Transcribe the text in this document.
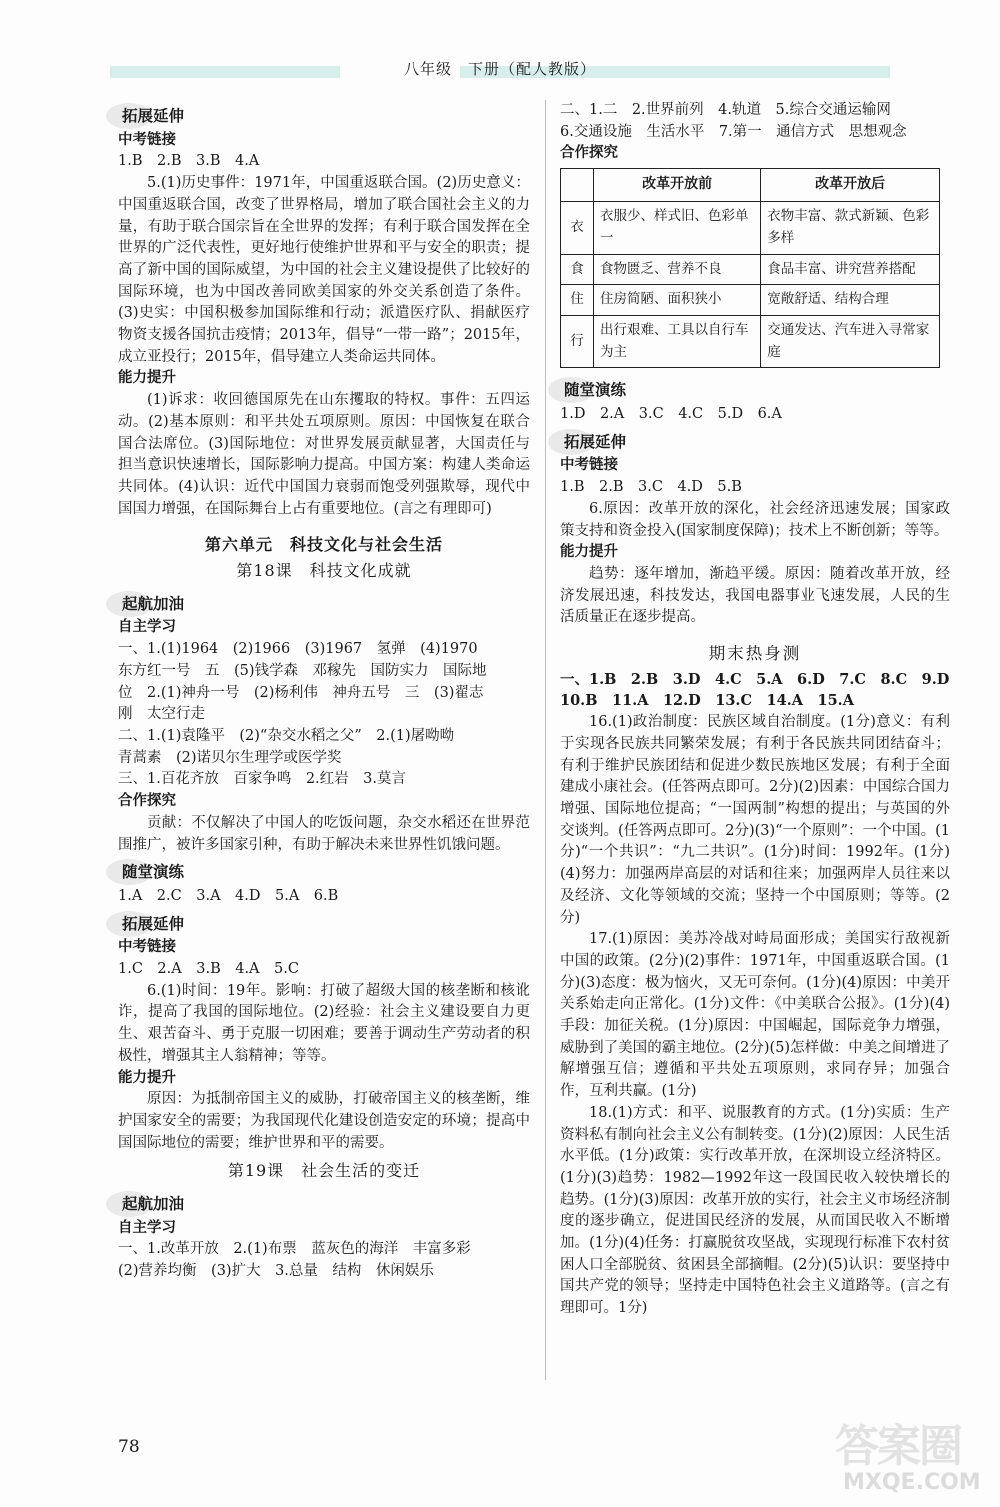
八年级　下册（配人教版）
拓展延伸

中考链接

1.B　2.B　3.B　4.A

5.(1)历史事件：1971年，中国重返联合国。(2)历史意义：中国重返联合国，改变了世界格局，增加了联合国社会主义的力量，有助于联合国宗旨在全世界的发挥；有利于联合国发挥在全世界的广泛代表性，更好地行使维护世界和平与安全的职责；提高了新中国的国际威望，为中国的社会主义建设提供了比较好的国际环境，也为中国改善同欧美国家的外交关系创造了条件。(3)史实：中国积极参加国际维和行动；派遣医疗队、捐献医疗物资支援各国抗击疫情；2013年，倡导“一带一路”；2015年，成立亚投行；2015年，倡导建立人类命运共同体。

能力提升

(1)诉求：收回德国原先在山东攫取的特权。事件：五四运动。(2)基本原则：和平共处五项原则。原因：中国恢复在联合国合法席位。(3)国际地位：对世界发展贡献显著，大国责任与担当意识快速增长，国际影响力提高。中国方案：构建人类命运共同体。(4)认识：近代中国国力衰弱而饱受列强欺辱，现代中国国力增强，在国际舞台上占有重要地位。(言之有理即可)

第六单元　科技文化与社会生活
第18课　科技文化成就
起航加油

自主学习

一、1.(1)1964　(2)1966　(3)1967　氢弹　(4)1970

东方红一号　五　(5)钱学森　邓稼先　国防实力　国际地

位　2.(1)神舟一号　(2)杨利伟　神舟五号　三　(3)翟志

刚　太空行走

二、1.(1)袁隆平　(2)“杂交水稻之父”　2.(1)屠呦呦

青蒿素　(2)诺贝尔生理学或医学奖

三、1.百花齐放　百家争鸣　2.红岩　3.莫言

合作探究

贡献：不仅解决了中国人的吃饭问题，杂交水稻还在世界范围推广，被许多国家引种，有助于解决未来世界性饥饿问题。

随堂演练

1.A　2.C　3.A　4.D　5.A　6.B

拓展延伸

中考链接

1.C　2.A　3.B　4.A　5.C

6.(1)时间：19年。影响：打破了超级大国的核垄断和核讹诈，提高了我国的国际地位。(2)经验：社会主义建设要自力更生、艰苦奋斗、勇于克服一切困难；要善于调动生产劳动者的积极性，增强其主人翁精神；等等。

能力提升

原因：为抵制帝国主义的威胁，打破帝国主义的核垄断，维护国家安全的需要；为我国现代化建设创造安定的环境；提高中国国际地位的需要；维护世界和平的需要。

第19课　社会生活的变迁
起航加油

自主学习

一、1.改革开放　2.(1)布票　蓝灰色的海洋　丰富多彩

(2)营养均衡　(3)扩大　3.总量　结构　休闲娱乐

二、1.二　2.世界前列　4.轨道　5.综合交通运输网

6.交通设施　生活水平　7.第一　通信方式　思想观念

合作探究

	改革开放前	改革开放后
衣	衣服少、样式旧、色彩单一	衣物丰富、款式新颖、色彩多样
食	食物匮乏、营养不良	食品丰富、讲究营养搭配
住	住房简陋、面积狭小	宽敞舒适、结构合理
行	出行艰难、工具以自行车为主	交通发达、汽车进入寻常家庭
随堂演练

1.D　2.A　3.C　4.C　5.D　6.A

拓展延伸

中考链接

1.B　2.B　3.C　4.D　5.B

6.原因：改革开放的深化，社会经济迅速发展；国家政策支持和资金投入(国家制度保障)；技术上不断创新；等等。

能力提升

趋势：逐年增加，渐趋平缓。原因：随着改革开放，经济发展迅速，科技发达，我国电器事业飞速发展，人民的生活质量正在逐步提高。

期末热身测

一、1.B　2.B　3.D　4.C　5.A　6.D　7.C　8.C　9.D

10.B　11.A　12.D　13.C　14.A　15.A

16.(1)政治制度：民族区域自治制度。(1分)意义：有利于实现各民族共同繁荣发展；有利于各民族共同团结奋斗；有利于维护民族团结和促进少数民族地区发展；有利于全面建成小康社会。(任答两点即可。2分)(2)因素：中国综合国力增强、国际地位提高；“一国两制”构想的提出；与英国的外交谈判。(任答两点即可。2分)(3)“一个原则”：一个中国。(1分)“一个共识”：“九二共识”。(1分)时间：1992年。(1分)(4)努力：加强两岸高层的对话和往来；加强两岸人员往来以及经济、文化等领域的交流；坚持一个中国原则；等等。(2分)

17.(1)原因：美苏冷战对峙局面形成；美国实行敌视新中国的政策。(2分)(2)事件：1971年，中国重返联合国。(1分)(3)态度：极为恼火，又无可奈何。(1分)(4)原因：中美开关系始走向正常化。(1分)文件：《中美联合公报》。(1分)(4)手段：加征关税。(1分)原因：中国崛起，国际竞争力增强，威胁到了美国的霸主地位。(2分)(5)怎样做：中美之间增进了解增强互信；遵循和平共处五项原则，求同存异；加强合作，互利共赢。(1分)

18.(1)方式：和平、说服教育的方式。(1分)实质：生产资料私有制向社会主义公有制转变。(1分)(2)原因：人民生活水平低。(1分)政策：实行改革开放，在深圳设立经济特区。(1分)(3)趋势：1982—1992年这一段国民收入较快增长的趋势。(1分)(3)原因：改革开放的实行，社会主义市场经济制度的逐步确立，促进国民经济的发展，从而国民收入不断增加。(1分)(4)任务：打赢脱贫攻坚战，实现现行标准下农村贫困人口全部脱贫、贫困县全部摘帽。(2分)(5)认识：要坚持中国共产党的领导；坚持走中国特色社会主义道路等。(言之有理即可。1分)

78	答案圈
MXQE.COM
